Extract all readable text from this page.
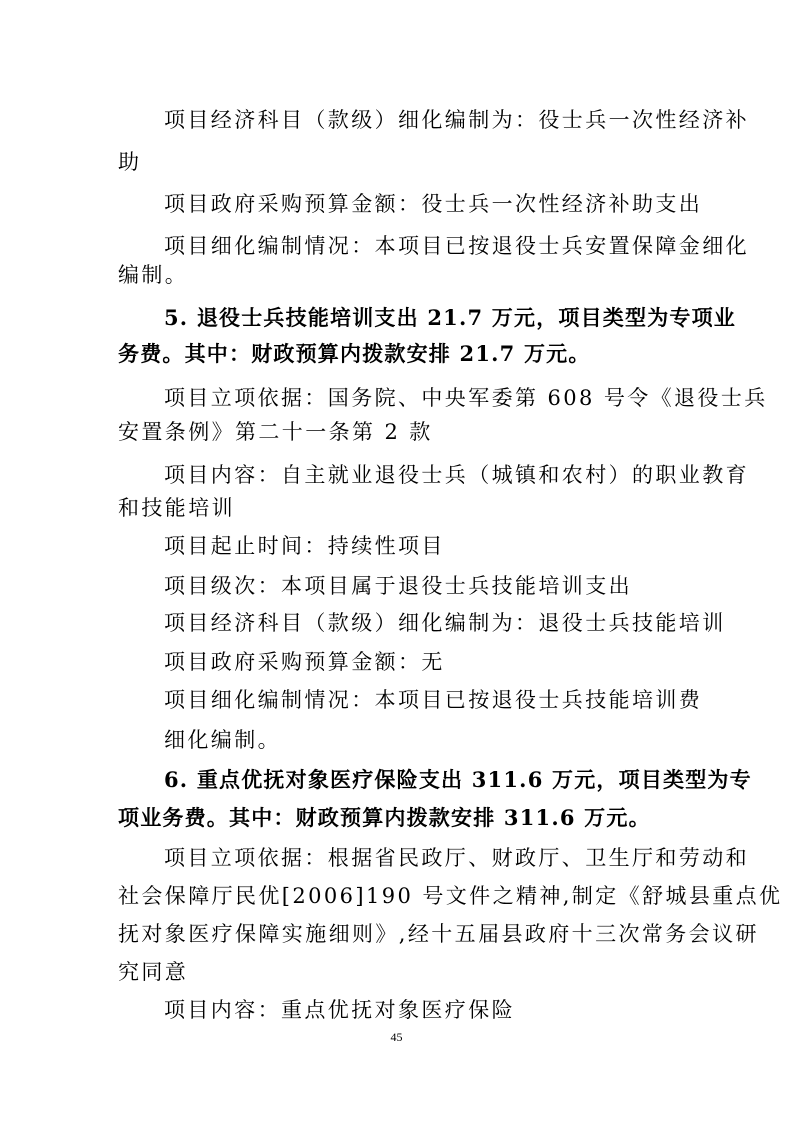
项目经济科目（款级）细化编制为：役士兵一次性经济补
助
项目政府采购预算金额：役士兵一次性经济补助支出
项目细化编制情况：本项目已按退役士兵安置保障金细化
编制。
5. 退役士兵技能培训支出 21.7 万元，项目类型为专项业
务费。其中：财政预算内拨款安排 21.7 万元。
项目立项依据：国务院、中央军委第 608 号令《退役士兵
安置条例》第二十一条第 2 款
项目内容：自主就业退役士兵（城镇和农村）的职业教育
和技能培训
项目起止时间：持续性项目
项目级次：本项目属于退役士兵技能培训支出
项目经济科目（款级）细化编制为：退役士兵技能培训
项目政府采购预算金额：无
项目细化编制情况：本项目已按退役士兵技能培训费
细化编制。
6. 重点优抚对象医疗保险支出 311.6 万元，项目类型为专
项业务费。其中：财政预算内拨款安排 311.6 万元。
项目立项依据：根据省民政厅、财政厅、卫生厅和劳动和
社会保障厅民优[2006]190 号文件之精神,制定《舒城县重点优
抚对象医疗保障实施细则》,经十五届县政府十三次常务会议研
究同意
项目内容：重点优抚对象医疗保险
45
